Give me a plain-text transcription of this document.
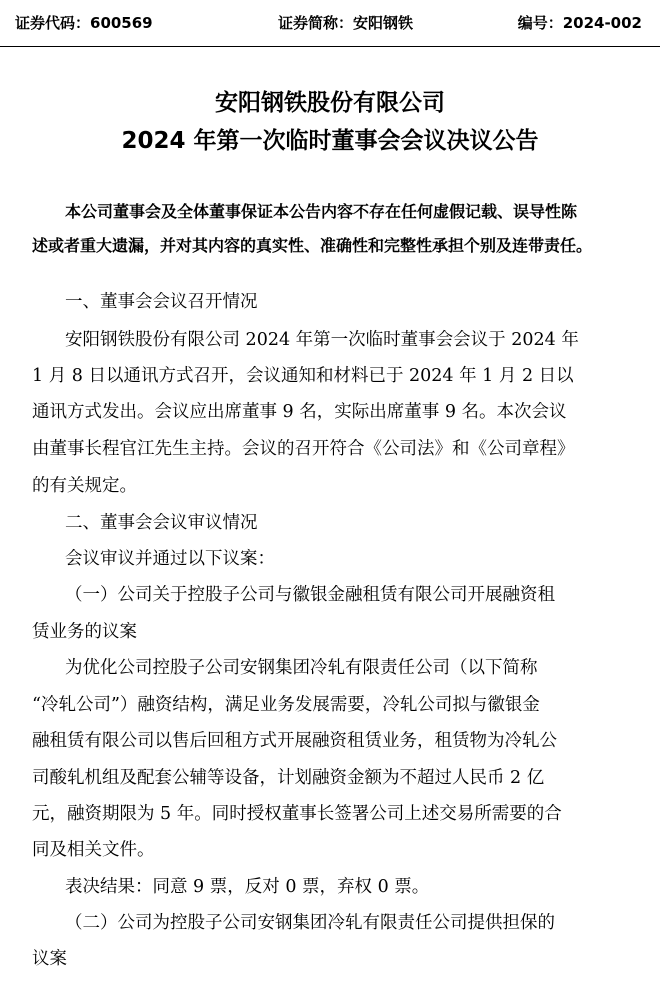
证券代码：600569	证券简称：安阳钢铁	编号：2024-002
安阳钢铁股份有限公司
2024 年第一次临时董事会会议决议公告
本公司董事会及全体董事保证本公告内容不存在任何虚假记载、误导性陈
述或者重大遗漏，并对其内容的真实性、准确性和完整性承担个别及连带责任。
一、董事会会议召开情况
安阳钢铁股份有限公司 2024 年第一次临时董事会会议于 2024 年
1 月 8 日以通讯方式召开，会议通知和材料已于 2024 年 1 月 2 日以
通讯方式发出。会议应出席董事 9 名，实际出席董事 9 名。本次会议
由董事长程官江先生主持。会议的召开符合《公司法》和《公司章程》
的有关规定。
二、董事会会议审议情况
会议审议并通过以下议案：
（一）公司关于控股子公司与徽银金融租赁有限公司开展融资租
赁业务的议案
为优化公司控股子公司安钢集团冷轧有限责任公司（以下简称
“冷轧公司”）融资结构，满足业务发展需要，冷轧公司拟与徽银金
融租赁有限公司以售后回租方式开展融资租赁业务，租赁物为冷轧公
司酸轧机组及配套公辅等设备，计划融资金额为不超过人民币 2 亿
元，融资期限为 5 年。同时授权董事长签署公司上述交易所需要的合
同及相关文件。
表决结果：同意 9 票，反对 0 票，弃权 0 票。
（二）公司为控股子公司安钢集团冷轧有限责任公司提供担保的
议案
